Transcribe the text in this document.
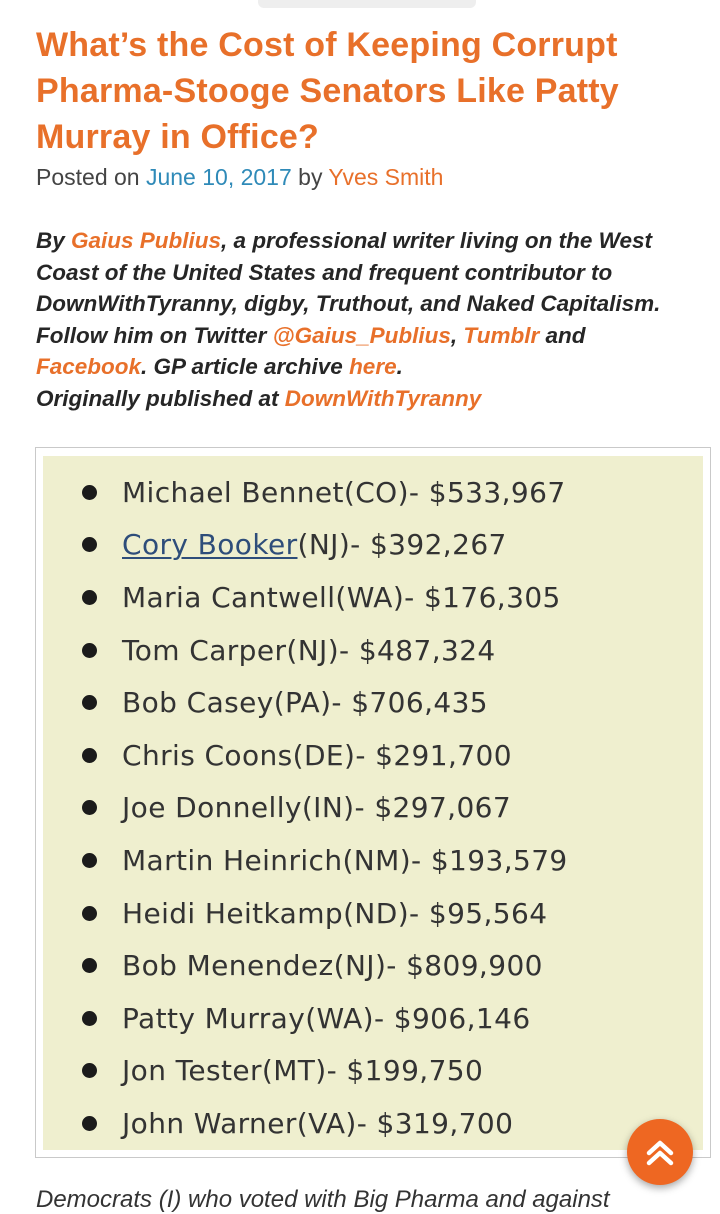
What’s the Cost of Keeping Corrupt Pharma-Stooge Senators Like Patty Murray in Office?
Posted on June 10, 2017 by Yves Smith

By Gaius Publius, a professional writer living on the West Coast of the United States and frequent contributor to DownWithTyranny, digby, Truthout, and Naked Capitalism. Follow him on Twitter @Gaius_Publius, Tumblr and Facebook. GP article archive here.
Originally published at DownWithTyranny

Michael Bennet (CO)- $533,967
Cory Booker (NJ)- $392,267
Maria Cantwell (WA)- $176,305
Tom Carper (NJ)- $487,324
Bob Casey (PA)- $706,435
Chris Coons (DE)- $291,700
Joe Donnelly (IN)- $297,067
Martin Heinrich (NM)- $193,579
Heidi Heitkamp (ND)- $95,564
Bob Menendez (NJ)- $809,900
Patty Murray (WA)- $906,146
Jon Tester (MT)- $199,750
John Warner (VA)- $319,700
Democrats (I) who voted with Big Pharma and against
